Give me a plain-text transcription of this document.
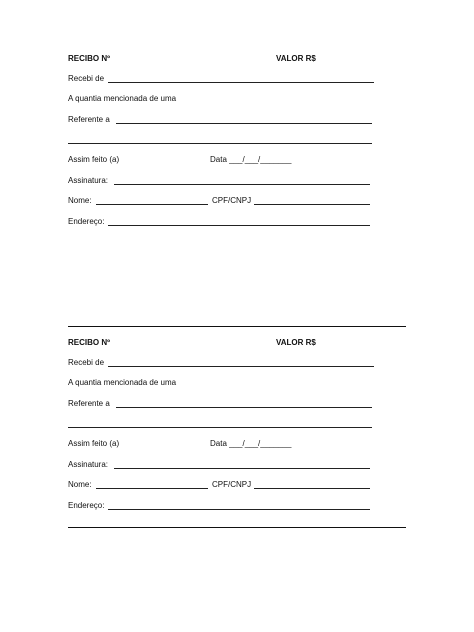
RECIBO Nº	VALOR R$
Recebi de
A quantia mencionada de uma
Referente a
Assim feito (a)	Data ___/___/_______
Assinatura:
Nome:	CPF/CNPJ
Endereço:
RECIBO Nº	VALOR R$
Recebi de
A quantia mencionada de uma
Referente a
Assim feito (a)	Data ___/___/_______
Assinatura:
Nome:	CPF/CNPJ
Endereço:
